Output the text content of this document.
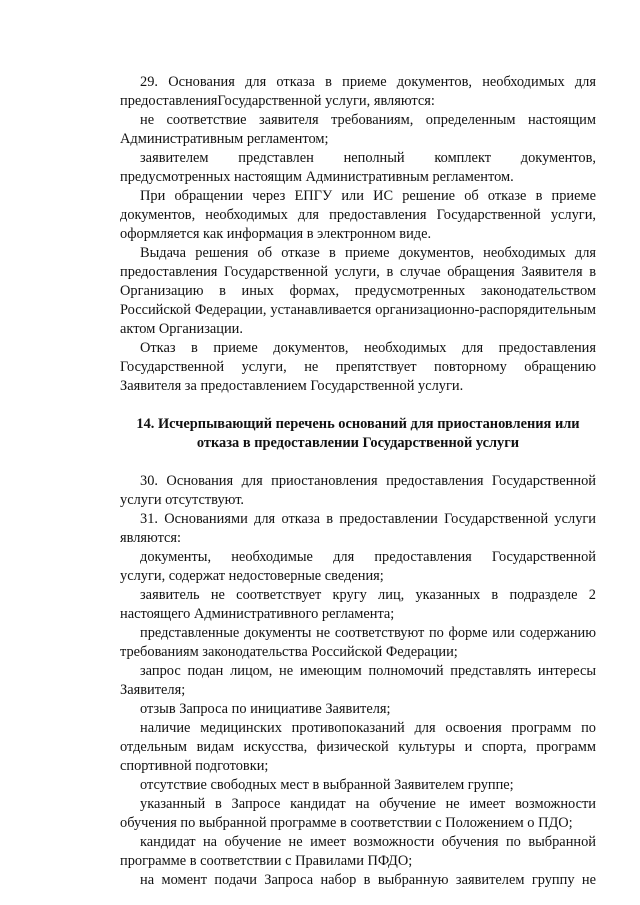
29. Основания для отказа в приеме документов, необходимых для
предоставленияГосударственной услуги, являются:
не соответствие заявителя требованиям, определенным настоящим
Административным регламентом;
заявителем представлен неполный комплект документов,
предусмотренных настоящим Административным регламентом.
При обращении через ЕПГУ или ИС решение об отказе в приеме
документов, необходимых для предоставления Государственной услуги,
оформляется как информация в электронном виде.
Выдача решения об отказе в приеме документов, необходимых для
предоставления Государственной услуги, в случае обращения Заявителя в
Организацию в иных формах, предусмотренных законодательством
Российской Федерации, устанавливается организационно-распорядительным
актом Организации.
Отказ в приеме документов, необходимых для предоставления
Государственной услуги, не препятствует повторному обращению
Заявителя за предоставлением Государственной услуги.
14. Исчерпывающий перечень оснований для приостановления или
отказа в предоставлении Государственной услуги
30. Основания для приостановления предоставления Государственной
услуги отсутствуют.
31. Основаниями для отказа в предоставлении Государственной услуги
являются:
документы, необходимые для предоставления Государственной
услуги, содержат недостоверные сведения;
заявитель не соответствует кругу лиц, указанных в подразделе 2
настоящего Административного регламента;
представленные документы не соответствуют по форме или содержанию
требованиям законодательства Российской Федерации;
запрос подан лицом, не имеющим полномочий представлять интересы
Заявителя;
отзыв Запроса по инициативе Заявителя;
наличие медицинских противопоказаний для освоения программ по
отдельным видам искусства, физической культуры и спорта, программ
спортивной подготовки;
отсутствие свободных мест в выбранной Заявителем группе;
указанный в Запросе кандидат на обучение не имеет возможности
обучения по выбранной программе в соответствии с Положением о ПДО;
кандидат на обучение не имеет возможности обучения по выбранной
программе в соответствии с Правилами ПФДО;
на момент подачи Запроса набор в выбранную заявителем группу не
